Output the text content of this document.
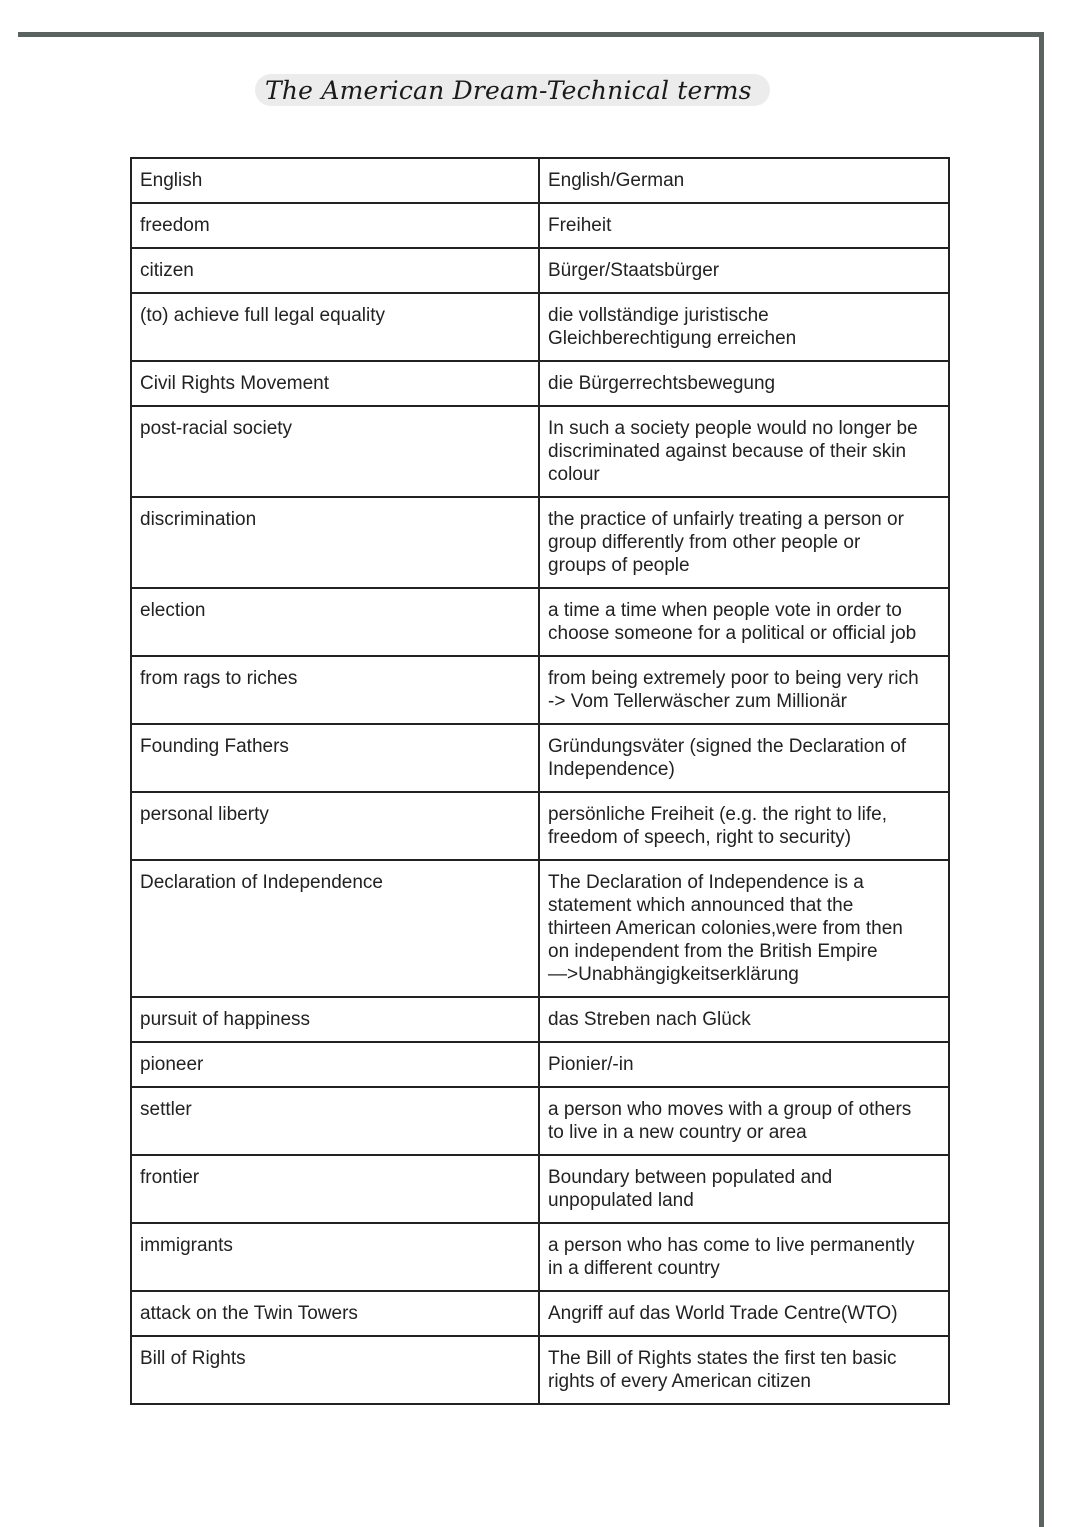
The American Dream-Technical terms
English	English/German
freedom	Freiheit
citizen	Bürger/Staatsbürger
(to) achieve full legal equality	die vollständige juristische
Gleichberechtigung erreichen
Civil Rights Movement	die Bürgerrechtsbewegung
post-racial society	In such a society people would no longer be
discriminated against because of their skin
colour
discrimination	the practice of unfairly treating a person or
group differently from other people or
groups of people
election	a time a time when people vote in order to
choose someone for a political or official job
from rags to riches	from being extremely poor to being very rich
-> Vom Tellerwäscher zum Millionär
Founding Fathers	Gründungsväter (signed the Declaration of
Independence)
personal liberty	persönliche Freiheit (e.g. the right to life,
freedom of speech, right to security)
Declaration of Independence	The Declaration of Independence is a
statement which announced that the
thirteen American colonies,were from then
on independent from the British Empire
—>Unabhängigkeitserklärung
pursuit of happiness	das Streben nach Glück
pioneer	Pionier/-in
settler	a person who moves with a group of others
to live in a new country or area
frontier	Boundary between populated and
unpopulated land
immigrants	a person who has come to live permanently
in a different country
attack on the Twin Towers	Angriff auf das World Trade Centre(WTO)
Bill of Rights	The Bill of Rights states the first ten basic
rights of every American citizen
